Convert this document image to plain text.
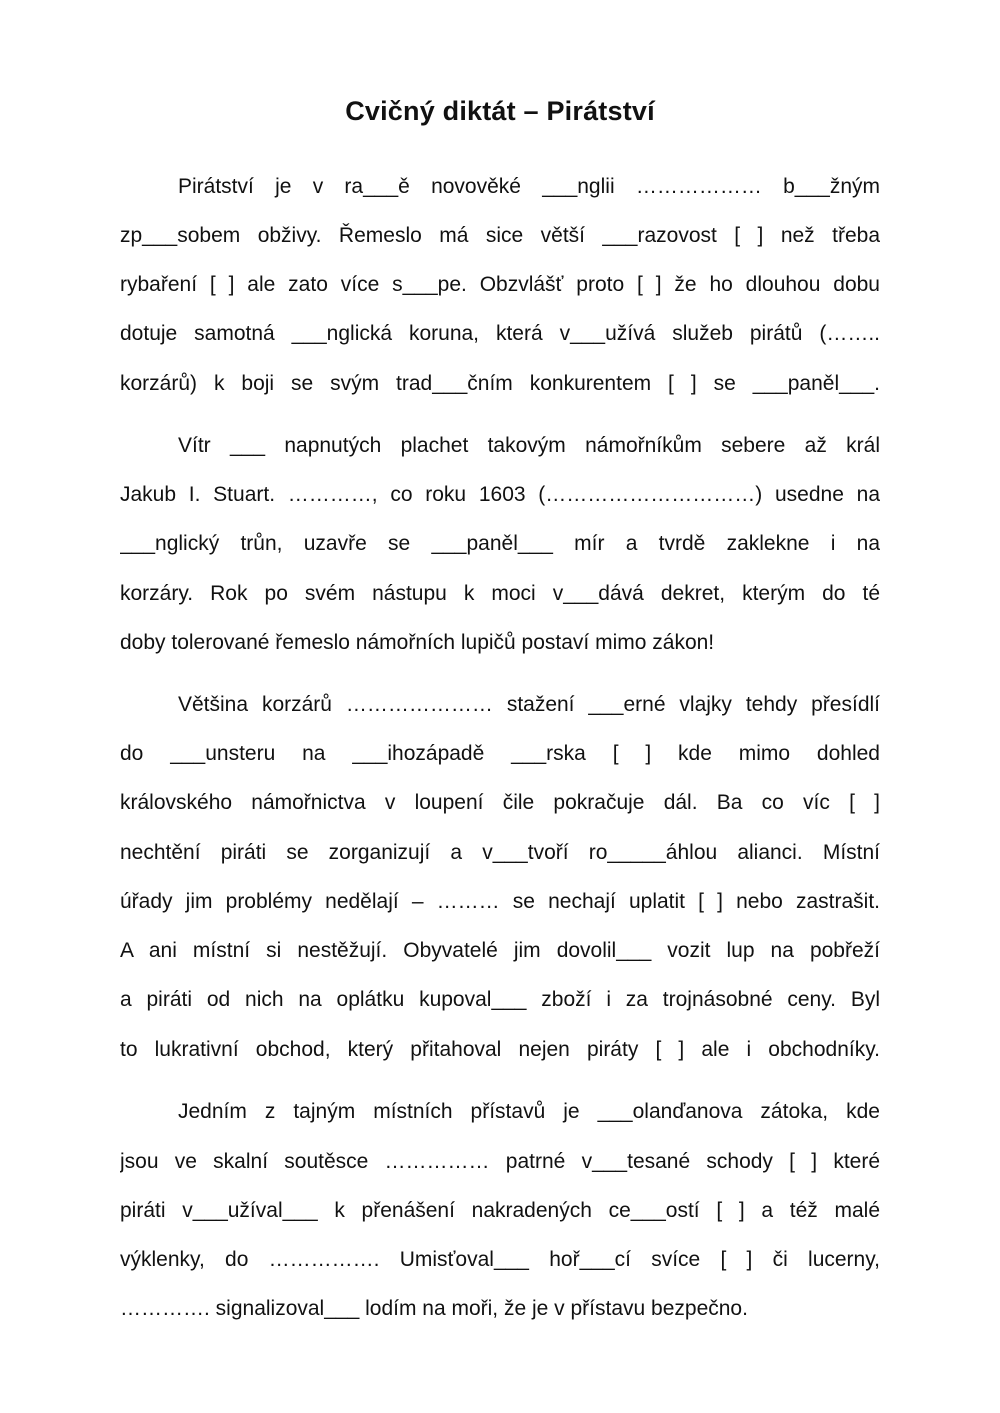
Cvičný diktát – Pirátství
Pirátství je v ra___ě novověké ___nglii ……………… b___žným
zp___sobem obživy. Řemeslo má sice větší ___razovost [ ] než třeba
rybaření [ ] ale zato více s___pe. Obzvlášť proto [ ] že ho dlouhou dobu
dotuje samotná ___nglická koruna, která v___užívá služeb pirátů (……..
korzárů) k boji se svým trad___čním konkurentem [ ] se ___paněl___.
Vítr ___ napnutých plachet takovým námořníkům sebere až král
Jakub I. Stuart. …………, co roku 1603 (…………………………) usedne na
___nglický trůn, uzavře se ___paněl___ mír a tvrdě zaklekne i na
korzáry. Rok po svém nástupu k moci v___dává dekret, kterým do té
doby tolerované řemeslo námořních lupičů postaví mimo zákon!
Většina korzárů ………………… stažení ___erné vlajky tehdy přesídlí
do ___unsteru na ___ihozápadě ___rska [ ] kde mimo dohled
královského námořnictva v loupení čile pokračuje dál. Ba co víc [ ]
nechtění piráti se zorganizují a v___tvoří ro_____áhlou alianci. Místní
úřady jim problémy nedělají – ……… se nechají uplatit [ ] nebo zastrašit.
A ani místní si nestěžují. Obyvatelé jim dovolil___ vozit lup na pobřeží
a piráti od nich na oplátku kupoval___ zboží i za trojnásobné ceny. Byl
to lukrativní obchod, který přitahoval nejen piráty [ ] ale i obchodníky.
Jedním z tajným místních přístavů je ___olanďanova zátoka, kde
jsou ve skalní soutěsce …………… patrné v___tesané schody [ ] které
piráti v___užíval___ k přenášení nakradených ce___ostí [ ] a též malé
výklenky, do ……………. Umisťoval___ hoř___cí svíce [ ] či lucerny,
…………. signalizoval___ lodím na moři, že je v přístavu bezpečno.
